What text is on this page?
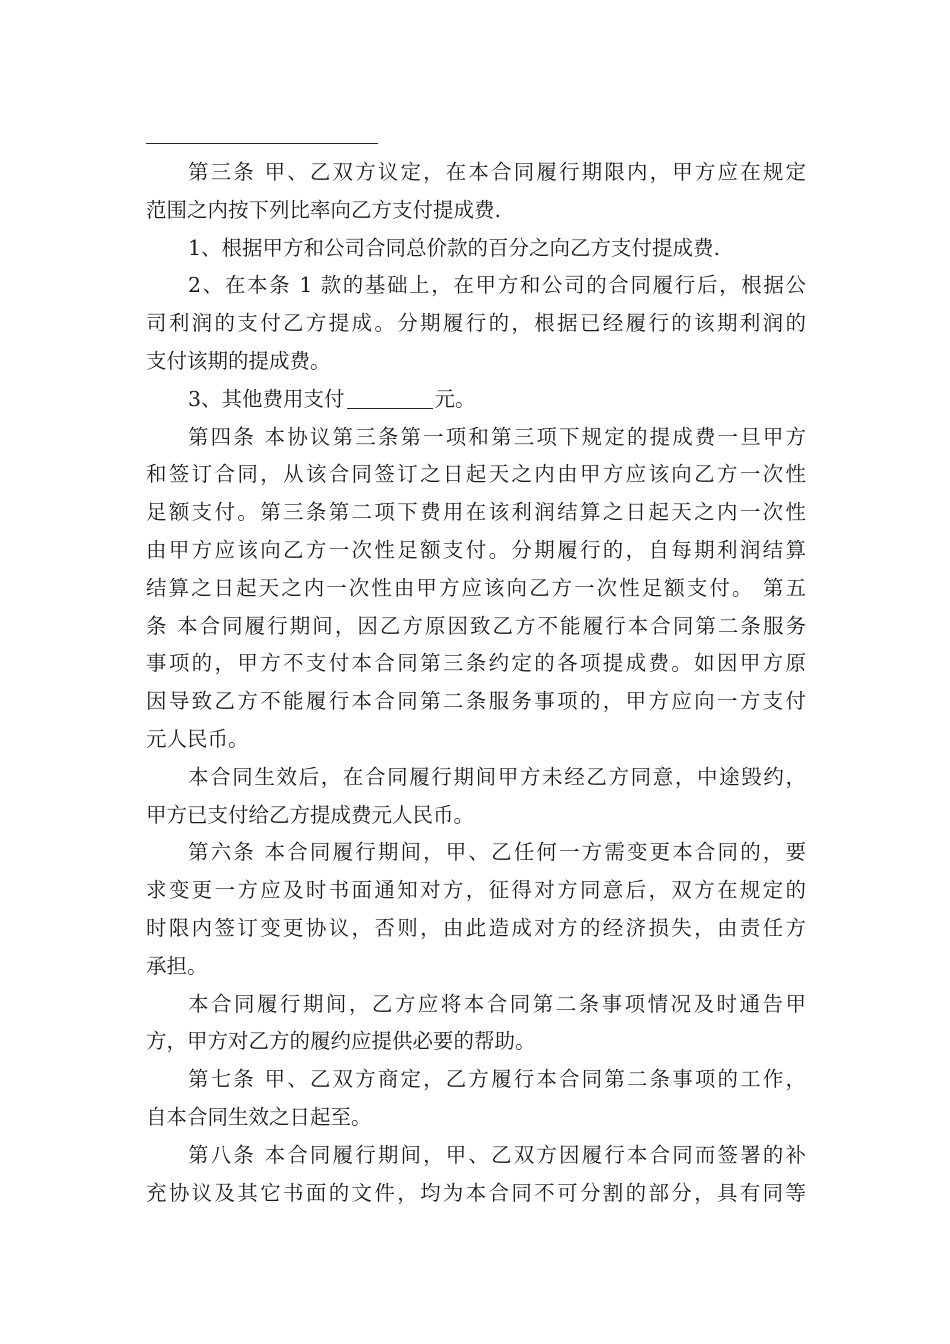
第三条 甲、乙双方议定，在本合同履行期限内，甲方应在规定
范围之内按下列比率向乙方支付提成费.
1、根据甲方和公司合同总价款的百分之向乙方支付提成费.
2、在本条 1 款的基础上，在甲方和公司的合同履行后，根据公
司利润的支付乙方提成。分期履行的，根据已经履行的该期利润的
支付该期的提成费。
3、其他费用支付	元。
第四条 本协议第三条第一项和第三项下规定的提成费一旦甲方
和签订合同，从该合同签订之日起天之内由甲方应该向乙方一次性
足额支付。第三条第二项下费用在该利润结算之日起天之内一次性
由甲方应该向乙方一次性足额支付。分期履行的，自每期利润结算
结算之日起天之内一次性由甲方应该向乙方一次性足额支付。 第五
条 本合同履行期间，因乙方原因致乙方不能履行本合同第二条服务
事项的，甲方不支付本合同第三条约定的各项提成费。如因甲方原
因导致乙方不能履行本合同第二条服务事项的，甲方应向一方支付
元人民币。
本合同生效后，在合同履行期间甲方未经乙方同意，中途毁约，
甲方已支付给乙方提成费元人民币。
第六条 本合同履行期间，甲、乙任何一方需变更本合同的，要
求变更一方应及时书面通知对方，征得对方同意后，双方在规定的
时限内签订变更协议，否则，由此造成对方的经济损失，由责任方
承担。
本合同履行期间，乙方应将本合同第二条事项情况及时通告甲
方，甲方对乙方的履约应提供必要的帮助。
第七条 甲、乙双方商定，乙方履行本合同第二条事项的工作，
自本合同生效之日起至。
第八条 本合同履行期间，甲、乙双方因履行本合同而签署的补
充协议及其它书面的文件，均为本合同不可分割的部分，具有同等
